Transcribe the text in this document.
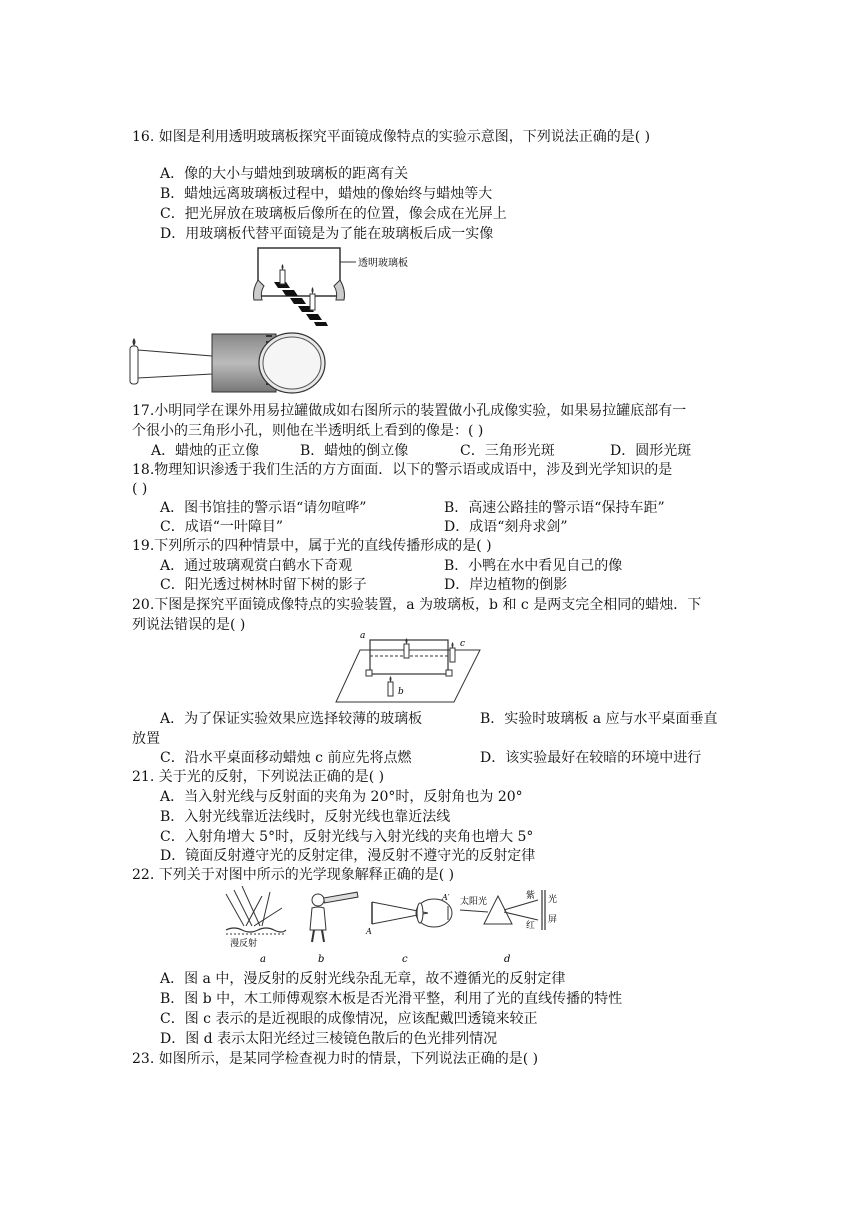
16. 如图是利用透明玻璃板探究平面镜成像特点的实验示意图，下列说法正确的是( )
A．像的大小与蜡烛到玻璃板的距离有关
B．蜡烛远离玻璃板过程中，蜡烛的像始终与蜡烛等大
C．把光屏放在玻璃板后像所在的位置，像会成在光屏上
D．用玻璃板代替平面镜是为了能在玻璃板后成一实像
透明玻璃板
17.小明同学在课外用易拉罐做成如右图所示的装置做小孔成像实验，如果易拉罐底部有一
个很小的三角形小孔，则他在半透明纸上看到的像是：( )
A．蜡烛的正立像	B．蜡烛的倒立像	C．三角形光斑	D．圆形光斑
18.物理知识渗透于我们生活的方方面面．以下的警示语或成语中，涉及到光学知识的是
( )
A．图书馆挂的警示语“请勿喧哗”	B．高速公路挂的警示语“保持车距”
C．成语“一叶障目”	D．成语“刻舟求剑”
19.下列所示的四种情景中，属于光的直线传播形成的是( )
A．通过玻璃观赏白鹤水下奇观	B．小鸭在水中看见自己的像
C．阳光透过树林时留下树的影子	D．岸边植物的倒影
20.下图是探究平面镜成像特点的实验装置，a 为玻璃板，b 和 c 是两支完全相同的蜡烛．下
列说法错误的是( )
a
c
b
A．为了保证实验效果应选择较薄的玻璃板	B．实验时玻璃板 a 应与水平桌面垂直
放置
C．沿水平桌面移动蜡烛 c 前应先将点燃	D．该实验最好在较暗的环境中进行
21. 关于光的反射，下列说法正确的是( )
A．当入射光线与反射面的夹角为 20°时，反射角也为 20°
B．入射光线靠近法线时，反射光线也靠近法线
C．入射角增大 5°时，反射光线与入射光线的夹角也增大 5°
D．镜面反射遵守光的反射定律，漫反射不遵守光的反射定律
22. 下列关于对图中所示的光学现象解释正确的是( )
漫反射
A
A′ 太阳光
紫
红
光
屏
a	b	c	d
A．图 a 中，漫反射的反射光线杂乱无章，故不遵循光的反射定律
B．图 b 中，木工师傅观察木板是否光滑平整，利用了光的直线传播的特性
C．图 c 表示的是近视眼的成像情况，应该配戴凹透镜来较正
D．图 d 表示太阳光经过三棱镜色散后的色光排列情况
23. 如图所示，是某同学检查视力时的情景，下列说法正确的是( )
